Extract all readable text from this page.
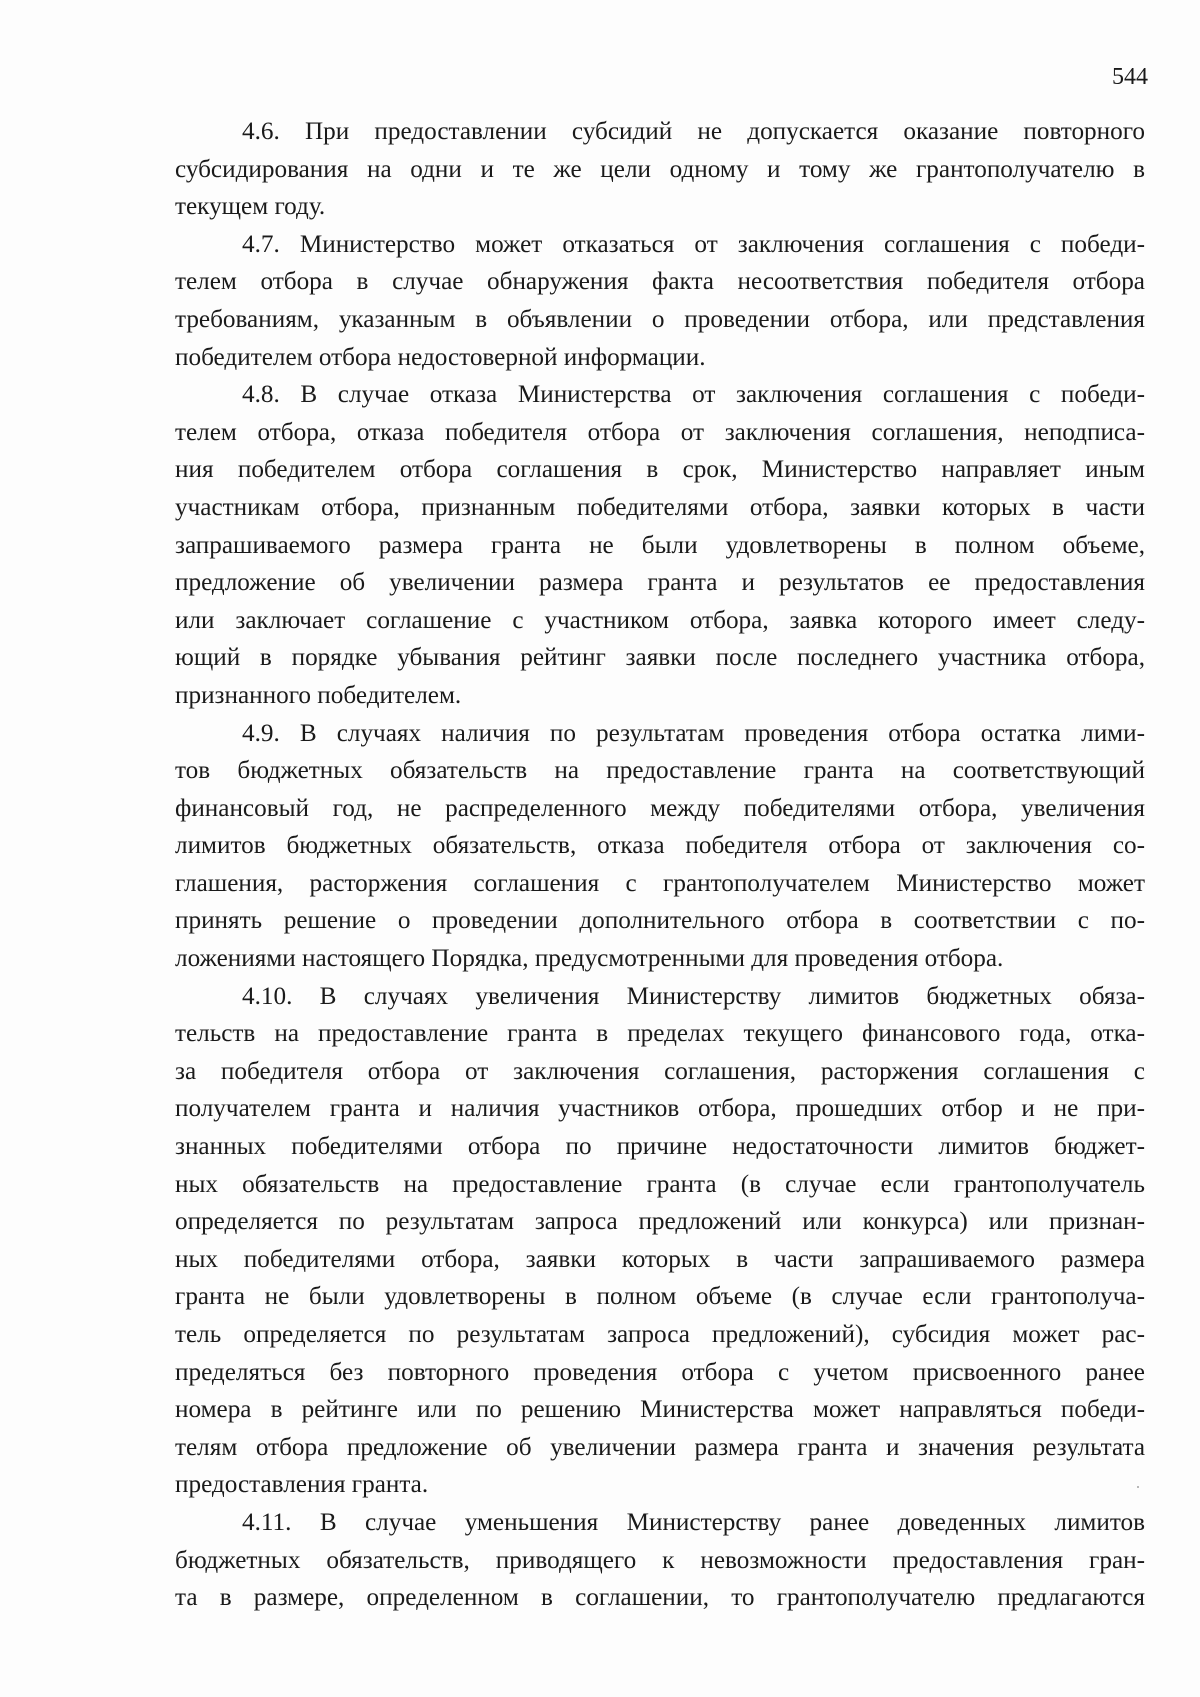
544
4.6. При предоставлении субсидий не допускается оказание повторного
субсидирования на одни и те же цели одному и тому же грантополучателю в
текущем году.
4.7. Министерство может отказаться от заключения соглашения с победи-
телем отбора в случае обнаружения факта несоответствия победителя отбора
требованиям, указанным в объявлении о проведении отбора, или представления
победителем отбора недостоверной информации.
4.8. В случае отказа Министерства от заключения соглашения с победи-
телем отбора, отказа победителя отбора от заключения соглашения, неподписа-
ния победителем отбора соглашения в срок, Министерство направляет иным
участникам отбора, признанным победителями отбора, заявки которых в части
запрашиваемого размера гранта не были удовлетворены в полном объеме,
предложение об увеличении размера гранта и результатов ее предоставления
или заключает соглашение с участником отбора, заявка которого имеет следу-
ющий в порядке убывания рейтинг заявки после последнего участника отбора,
признанного победителем.
4.9. В случаях наличия по результатам проведения отбора остатка лими-
тов бюджетных обязательств на предоставление гранта на соответствующий
финансовый год, не распределенного между победителями отбора, увеличения
лимитов бюджетных обязательств, отказа победителя отбора от заключения со-
глашения, расторжения соглашения с грантополучателем Министерство может
принять решение о проведении дополнительного отбора в соответствии с по-
ложениями настоящего Порядка, предусмотренными для проведения отбора.
4.10. В случаях увеличения Министерству лимитов бюджетных обяза-
тельств на предоставление гранта в пределах текущего финансового года, отка-
за победителя отбора от заключения соглашения, расторжения соглашения с
получателем гранта и наличия участников отбора, прошедших отбор и не при-
знанных победителями отбора по причине недостаточности лимитов бюджет-
ных обязательств на предоставление гранта (в случае если грантополучатель
определяется по результатам запроса предложений или конкурса) или признан-
ных победителями отбора, заявки которых в части запрашиваемого размера
гранта не были удовлетворены в полном объеме (в случае если грантополуча-
тель определяется по результатам запроса предложений), субсидия может рас-
пределяться без повторного проведения отбора с учетом присвоенного ранее
номера в рейтинге или по решению Министерства может направляться победи-
телям отбора предложение об увеличении размера гранта и значения результата
предоставления гранта.
4.11. В случае уменьшения Министерству ранее доведенных лимитов
бюджетных обязательств, приводящего к невозможности предоставления гран-
та в размере, определенном в соглашении, то грантополучателю предлагаются
